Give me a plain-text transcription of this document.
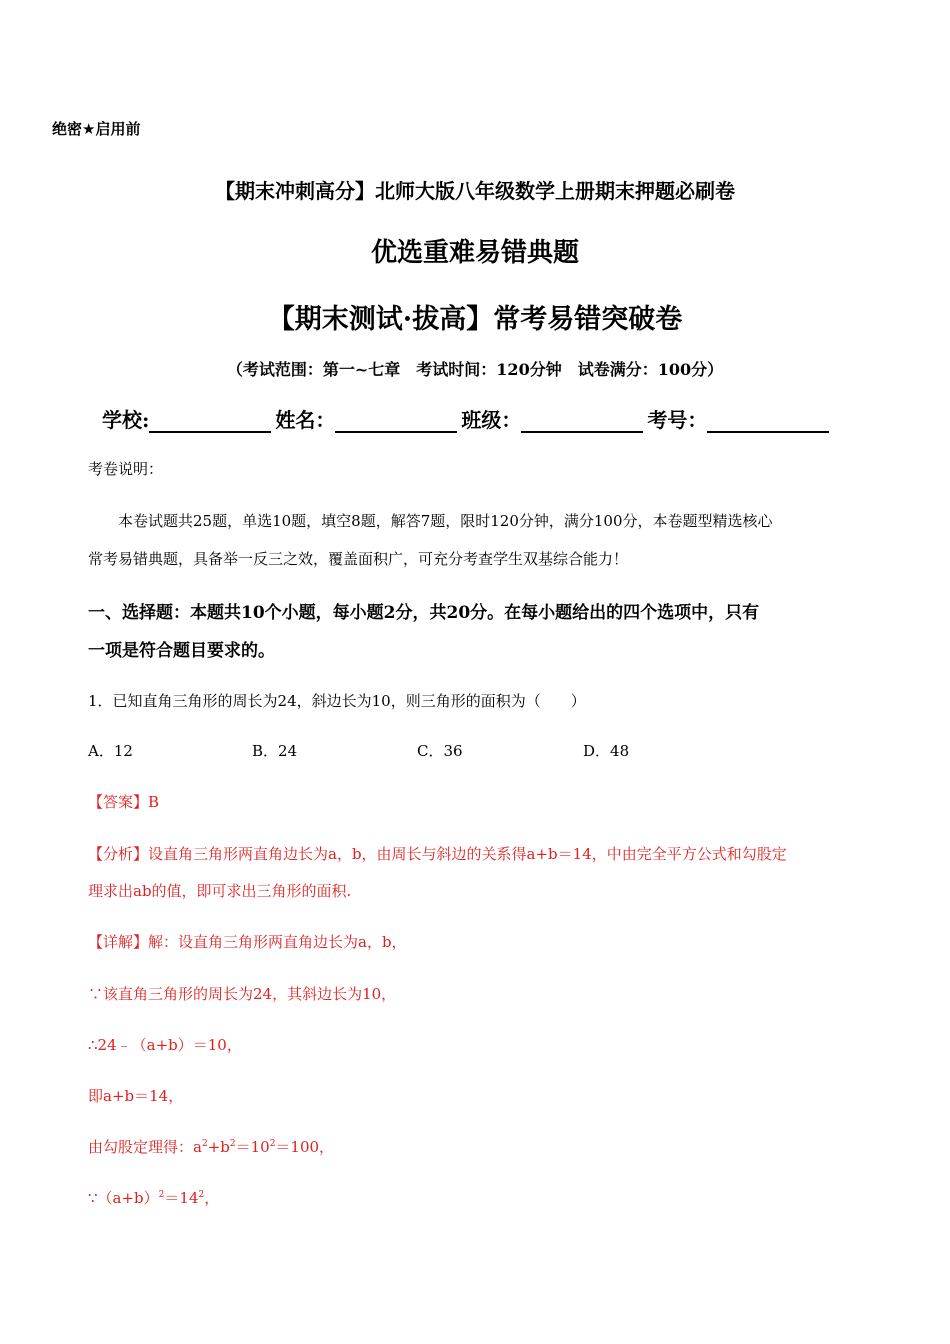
绝密★启用前
【期末冲刺高分】北师大版八年级数学上册期末押题必刷卷
优选重难易错典题
【期末测试·拔高】常考易错突破卷
（考试范围：第一~七章　考试时间：120分钟　试卷满分：100分）
学校:	姓名：	班级：	考号：
考卷说明：
本卷试题共25题，单选10题，填空8题，解答7题，限时120分钟，满分100分，本卷题型精选核心
常考易错典题，具备举一反三之效，覆盖面积广，可充分考查学生双基综合能力！
一、选择题：本题共10个小题，每小题2分，共20分。在每小题给出的四个选项中，只有
一项是符合题目要求的。
1．已知直角三角形的周长为24，斜边长为10，则三角形的面积为（　　）
A．12	B．24	C．36	D．48
【答案】B
【分析】设直角三角形两直角边长为a，b，由周长与斜边的关系得a+b＝14，中由完全平方公式和勾股定
理求出ab的值，即可求出三角形的面积.
【详解】解：设直角三角形两直角边长为a，b，
∵该直角三角形的周长为24，其斜边长为10，
∴24﹣（a+b）＝10，
即a+b＝14，
由勾股定理得：$a^2+b^2=10^2=100$，
$\because(a+b)^2=14^2$，
